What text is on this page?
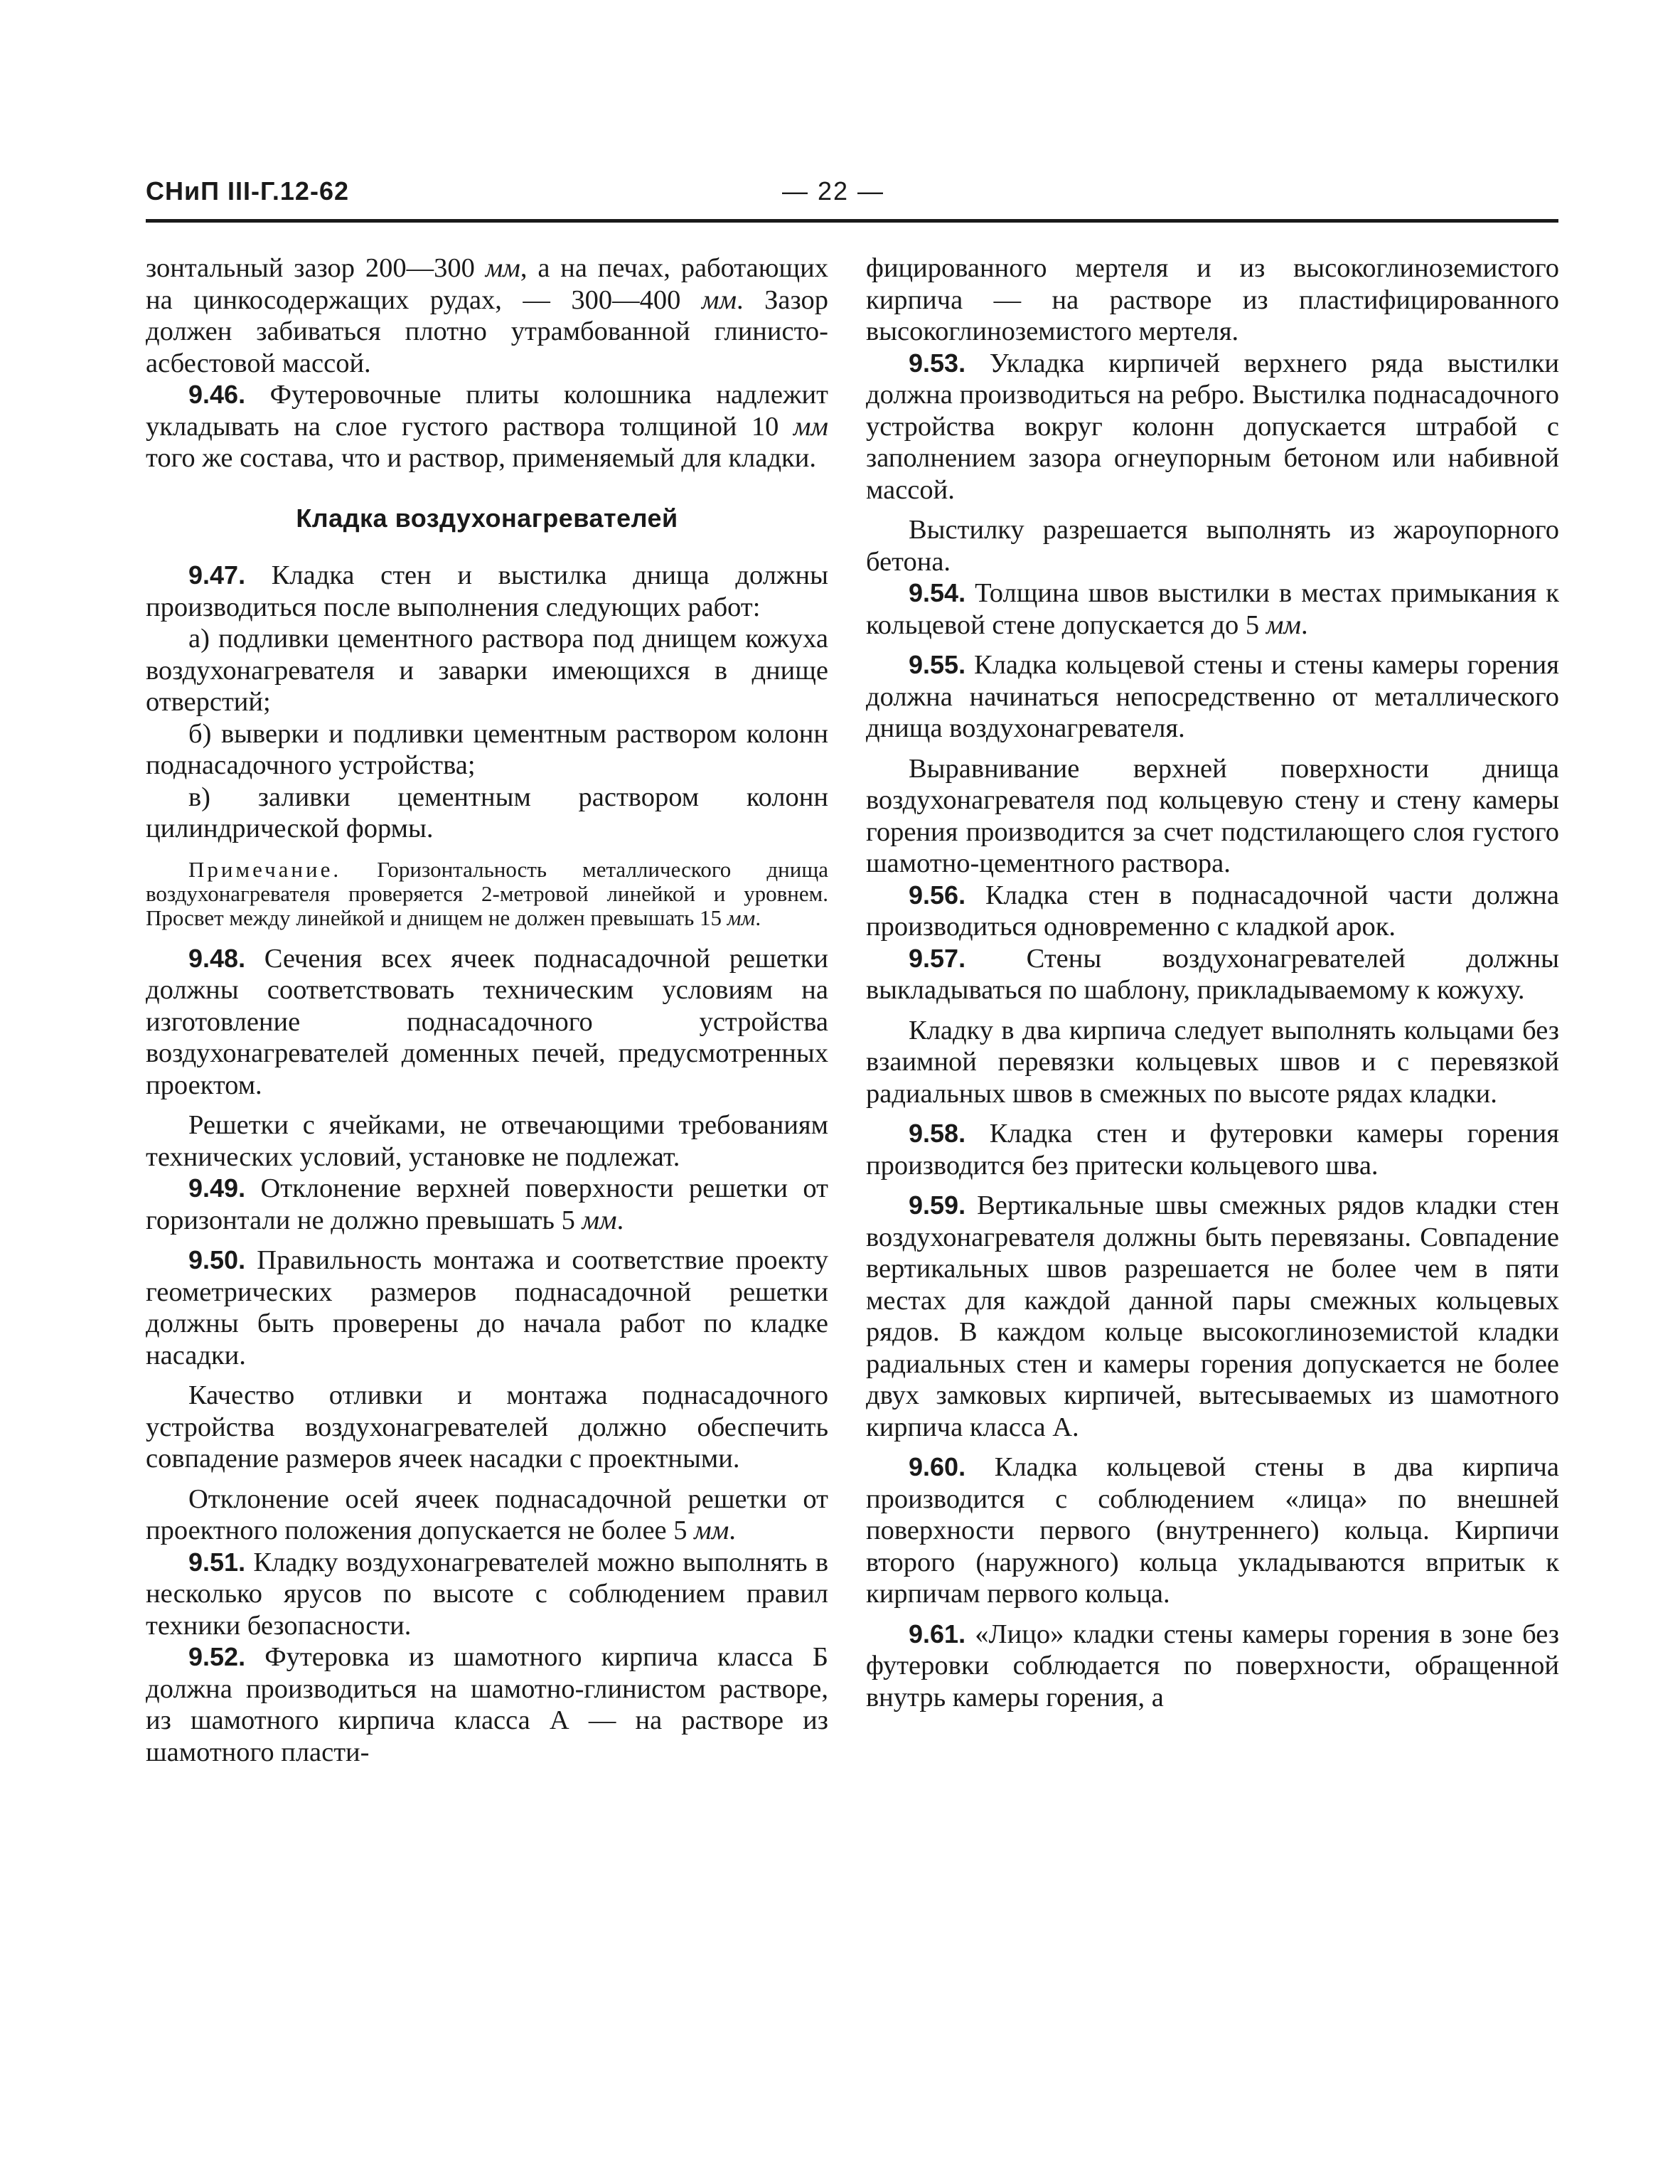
СНиП III-Г.12-62	— 22 —

зонтальный зазор 200—300 мм, а на печах, работающих на цинкосодержащих рудах, — 300—400 мм. Зазор должен забиваться плотно утрамбованной глинисто-асбестовой массой.

9.46. Футеровочные плиты колошника надлежит укладывать на слое густого раствора толщиной 10 мм того же состава, что и раствор, применяемый для кладки.

Кладка воздухонагревателей

9.47. Кладка стен и выстилка днища должны производиться после выполнения следующих работ:

а) подливки цементного раствора под днищем кожуха воздухонагревателя и заварки имеющихся в днище отверстий;

б) выверки и подливки цементным раствором колонн поднасадочного устройства;

в) заливки цементным раствором колонн цилиндрической формы.

Примечание. Горизонтальность металлического днища воздухонагревателя проверяется 2-метровой линейкой и уровнем. Просвет между линейкой и днищем не должен превышать 15 мм.

9.48. Сечения всех ячеек поднасадочной решетки должны соответствовать техническим условиям на изготовление поднасадочного устройства воздухонагревателей доменных печей, предусмотренных проектом.

Решетки с ячейками, не отвечающими требованиям технических условий, установке не подлежат.

9.49. Отклонение верхней поверхности решетки от горизонтали не должно превышать 5 мм.

9.50. Правильность монтажа и соответствие проекту геометрических размеров поднасадочной решетки должны быть проверены до начала работ по кладке насадки.

Качество отливки и монтажа поднасадочного устройства воздухонагревателей должно обеспечить совпадение размеров ячеек насадки с проектными.

Отклонение осей ячеек поднасадочной решетки от проектного положения допускается не более 5 мм.

9.51. Кладку воздухонагревателей можно выполнять в несколько ярусов по высоте с соблюдением правил техники безопасности.

9.52. Футеровка из шамотного кирпича класса Б должна производиться на шамотно-глинистом растворе, из шамотного кирпича класса А — на растворе из шамотного пласти-

фицированного мертеля и из высокоглиноземистого кирпича — на растворе из пластифицированного высокоглиноземистого мертеля.

9.53. Укладка кирпичей верхнего ряда выстилки должна производиться на ребро. Выстилка поднасадочного устройства вокруг колонн допускается штрабой с заполнением зазора огнеупорным бетоном или набивной массой.

Выстилку разрешается выполнять из жароупорного бетона.

9.54. Толщина швов выстилки в местах примыкания к кольцевой стене допускается до 5 мм.

9.55. Кладка кольцевой стены и стены камеры горения должна начинаться непосредственно от металлического днища воздухонагревателя.

Выравнивание верхней поверхности днища воздухонагревателя под кольцевую стену и стену камеры горения производится за счет подстилающего слоя густого шамотно-цементного раствора.

9.56. Кладка стен в поднасадочной части должна производиться одновременно с кладкой арок.

9.57. Стены воздухонагревателей должны выкладываться по шаблону, прикладываемому к кожуху.

Кладку в два кирпича следует выполнять кольцами без взаимной перевязки кольцевых швов и с перевязкой радиальных швов в смежных по высоте рядах кладки.

9.58. Кладка стен и футеровки камеры горения производится без притески кольцевого шва.

9.59. Вертикальные швы смежных рядов кладки стен воздухонагревателя должны быть перевязаны. Совпадение вертикальных швов разрешается не более чем в пяти местах для каждой данной пары смежных кольцевых рядов. В каждом кольце высокоглиноземистой кладки радиальных стен и камеры горения допускается не более двух замковых кирпичей, вытесываемых из шамотного кирпича класса А.

9.60. Кладка кольцевой стены в два кирпича производится с соблюдением «лица» по внешней поверхности первого (внутреннего) кольца. Кирпичи второго (наружного) кольца укладываются впритык к кирпичам первого кольца.

9.61. «Лицо» кладки стены камеры горения в зоне без футеровки соблюдается по поверхности, обращенной внутрь камеры горения, а
